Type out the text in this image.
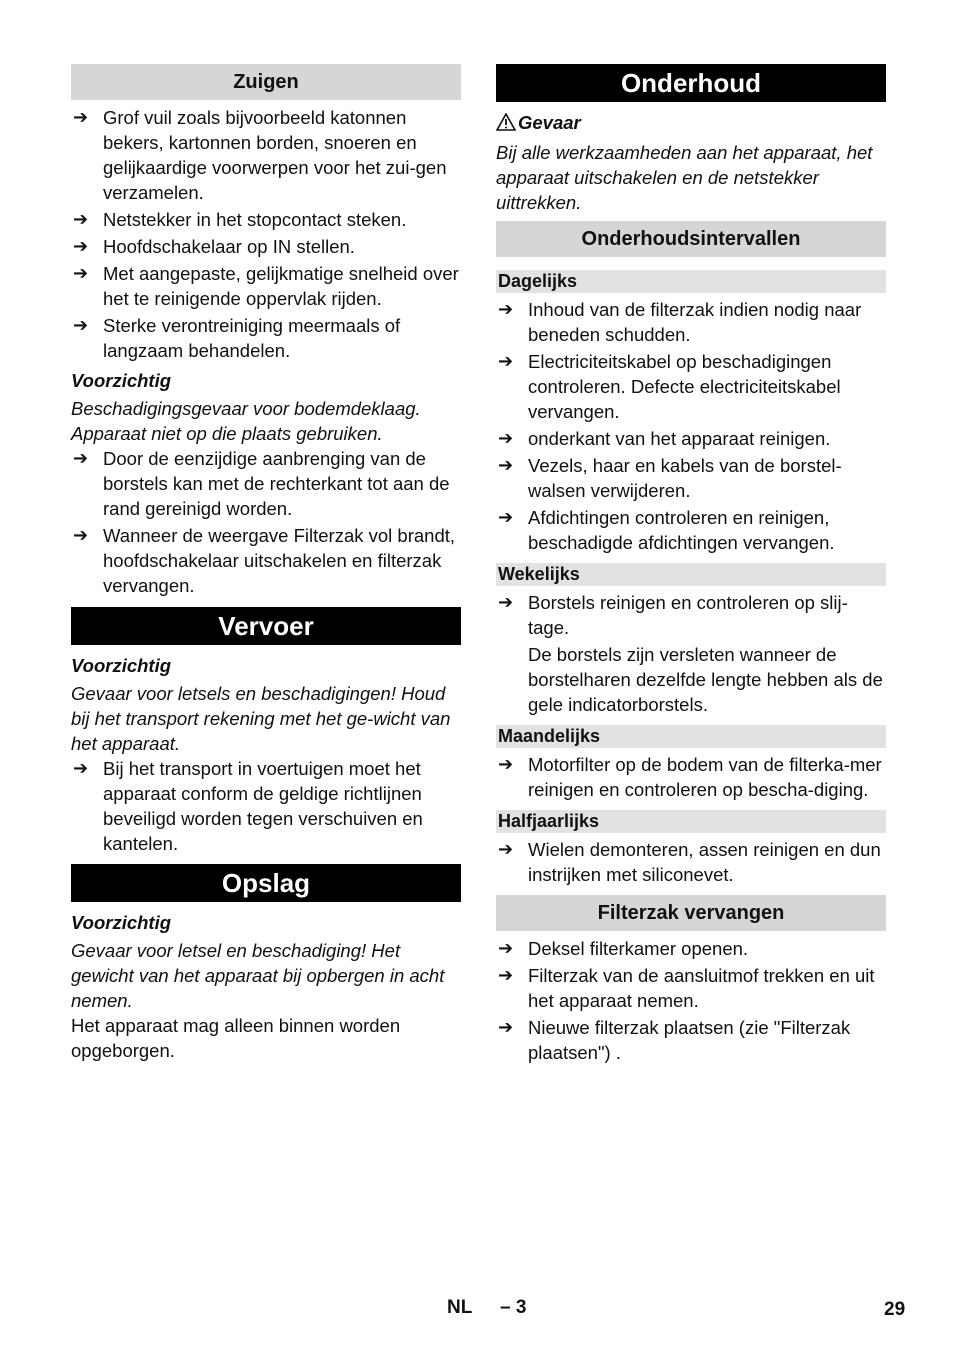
Zuigen
➔ Grof vuil zoals bijvoorbeeld katonnen bekers, kartonnen borden, snoeren en gelijkaardige voorwerpen voor het zui-gen verzamelen.
➔ Netstekker in het stopcontact steken.
➔ Hoofdschakelaar op IN stellen.
➔ Met aangepaste, gelijkmatige snelheid over het te reinigende oppervlak rijden.
➔ Sterke verontreiniging meermaals of langzaam behandelen.

Voorzichtig

Beschadigingsgevaar voor bodemdeklaag. Apparaat niet op die plaats gebruiken.

➔ Door de eenzijdige aanbrenging van de borstels kan met de rechterkant tot aan de rand gereinigd worden.
➔ Wanneer de weergave Filterzak vol brandt, hoofdschakelaar uitschakelen en filterzak vervangen.
Vervoer

Voorzichtig

Gevaar voor letsels en beschadigingen! Houd bij het transport rekening met het ge-wicht van het apparaat.

➔ Bij het transport in voertuigen moet het apparaat conform de geldige richtlijnen beveiligd worden tegen verschuiven en kantelen.
Opslag

Voorzichtig

Gevaar voor letsel en beschadiging! Het gewicht van het apparaat bij opbergen in acht nemen.

Het apparaat mag alleen binnen worden opgeborgen.

Onderhoud

Gevaar

Bij alle werkzaamheden aan het apparaat, het apparaat uitschakelen en de netstekker uittrekken.

Onderhoudsintervallen
Dagelijks
➔ Inhoud van de filterzak indien nodig naar beneden schudden.
➔ Electriciteitskabel op beschadigingen controleren. Defecte electriciteitskabel vervangen.
➔ onderkant van het apparaat reinigen.
➔ Vezels, haar en kabels van de borstel-walsen verwijderen.
➔ Afdichtingen controleren en reinigen, beschadigde afdichtingen vervangen.
Wekelijks
➔ Borstels reinigen en controleren op slij-tage.

De borstels zijn versleten wanneer de borstelharen dezelfde lengte hebben als de gele indicatorborstels.

Maandelijks
➔ Motorfilter op de bodem van de filterka-mer reinigen en controleren op bescha-diging.
Halfjaarlijks
➔ Wielen demonteren, assen reinigen en dun instrijken met siliconevet.
Filterzak vervangen
➔ Deksel filterkamer openen.
➔ Filterzak van de aansluitmof trekken en uit het apparaat nemen.
➔ Nieuwe filterzak plaatsen (zie "Filterzak plaatsen") .
NL – 3	29
